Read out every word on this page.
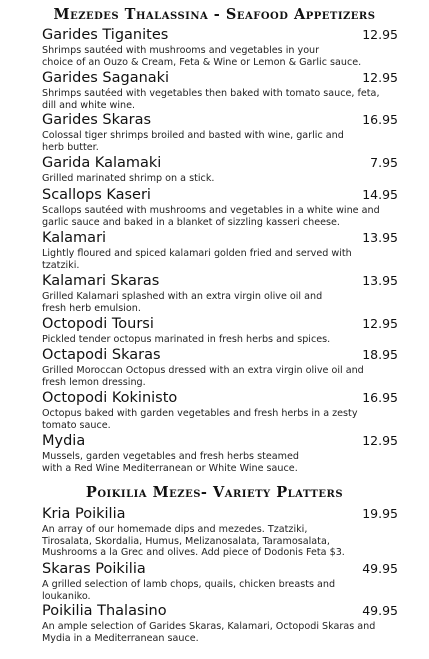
Mezedes Thalassina - Seafood Appetizers
Garides Tiganites	12.95
Shrimps sautéed with mushrooms and vegetables in your
choice of an Ouzo & Cream, Feta & Wine or Lemon & Garlic sauce.
Garides Saganaki	12.95
Shrimps sautéed with vegetables then baked with tomato sauce, feta,
dill and white wine.
Garides Skaras	16.95
Colossal tiger shrimps broiled and basted with wine, garlic and
herb butter.
Garida Kalamaki	7.95
Grilled marinated shrimp on a stick.
Scallops Kaseri	14.95
Scallops sautéed with mushrooms and vegetables in a white wine and
garlic sauce and baked in a blanket of sizzling kasseri cheese.
Kalamari	13.95
Lightly floured and spiced kalamari golden fried and served with
tzatziki.
Kalamari Skaras	13.95
Grilled Kalamari splashed with an extra virgin olive oil and
fresh herb emulsion.
Octopodi Toursi	12.95
Pickled tender octopus marinated in fresh herbs and spices.
Octapodi Skaras	18.95
Grilled Moroccan Octopus dressed with an extra virgin olive oil and
fresh lemon dressing.
Octopodi Kokinisto	16.95
Octopus baked with garden vegetables and fresh herbs in a zesty
tomato sauce.
Mydia	12.95
Mussels, garden vegetables and fresh herbs steamed
with a Red Wine Mediterranean or White Wine sauce.
Poikilia Mezes- Variety Platters
Kria Poikilia	19.95
An array of our homemade dips and mezedes. Tzatziki,
Tirosalata, Skordalia, Humus, Melizanosalata, Taramosalata,
Mushrooms a la Grec and olives. Add piece of Dodonis Feta $3.
Skaras Poikilia	49.95
A grilled selection of lamb chops, quails, chicken breasts and
loukaniko.
Poikilia Thalasino	49.95
An ample selection of Garides Skaras, Kalamari, Octopodi Skaras and
Mydia in a Mediterranean sauce.
